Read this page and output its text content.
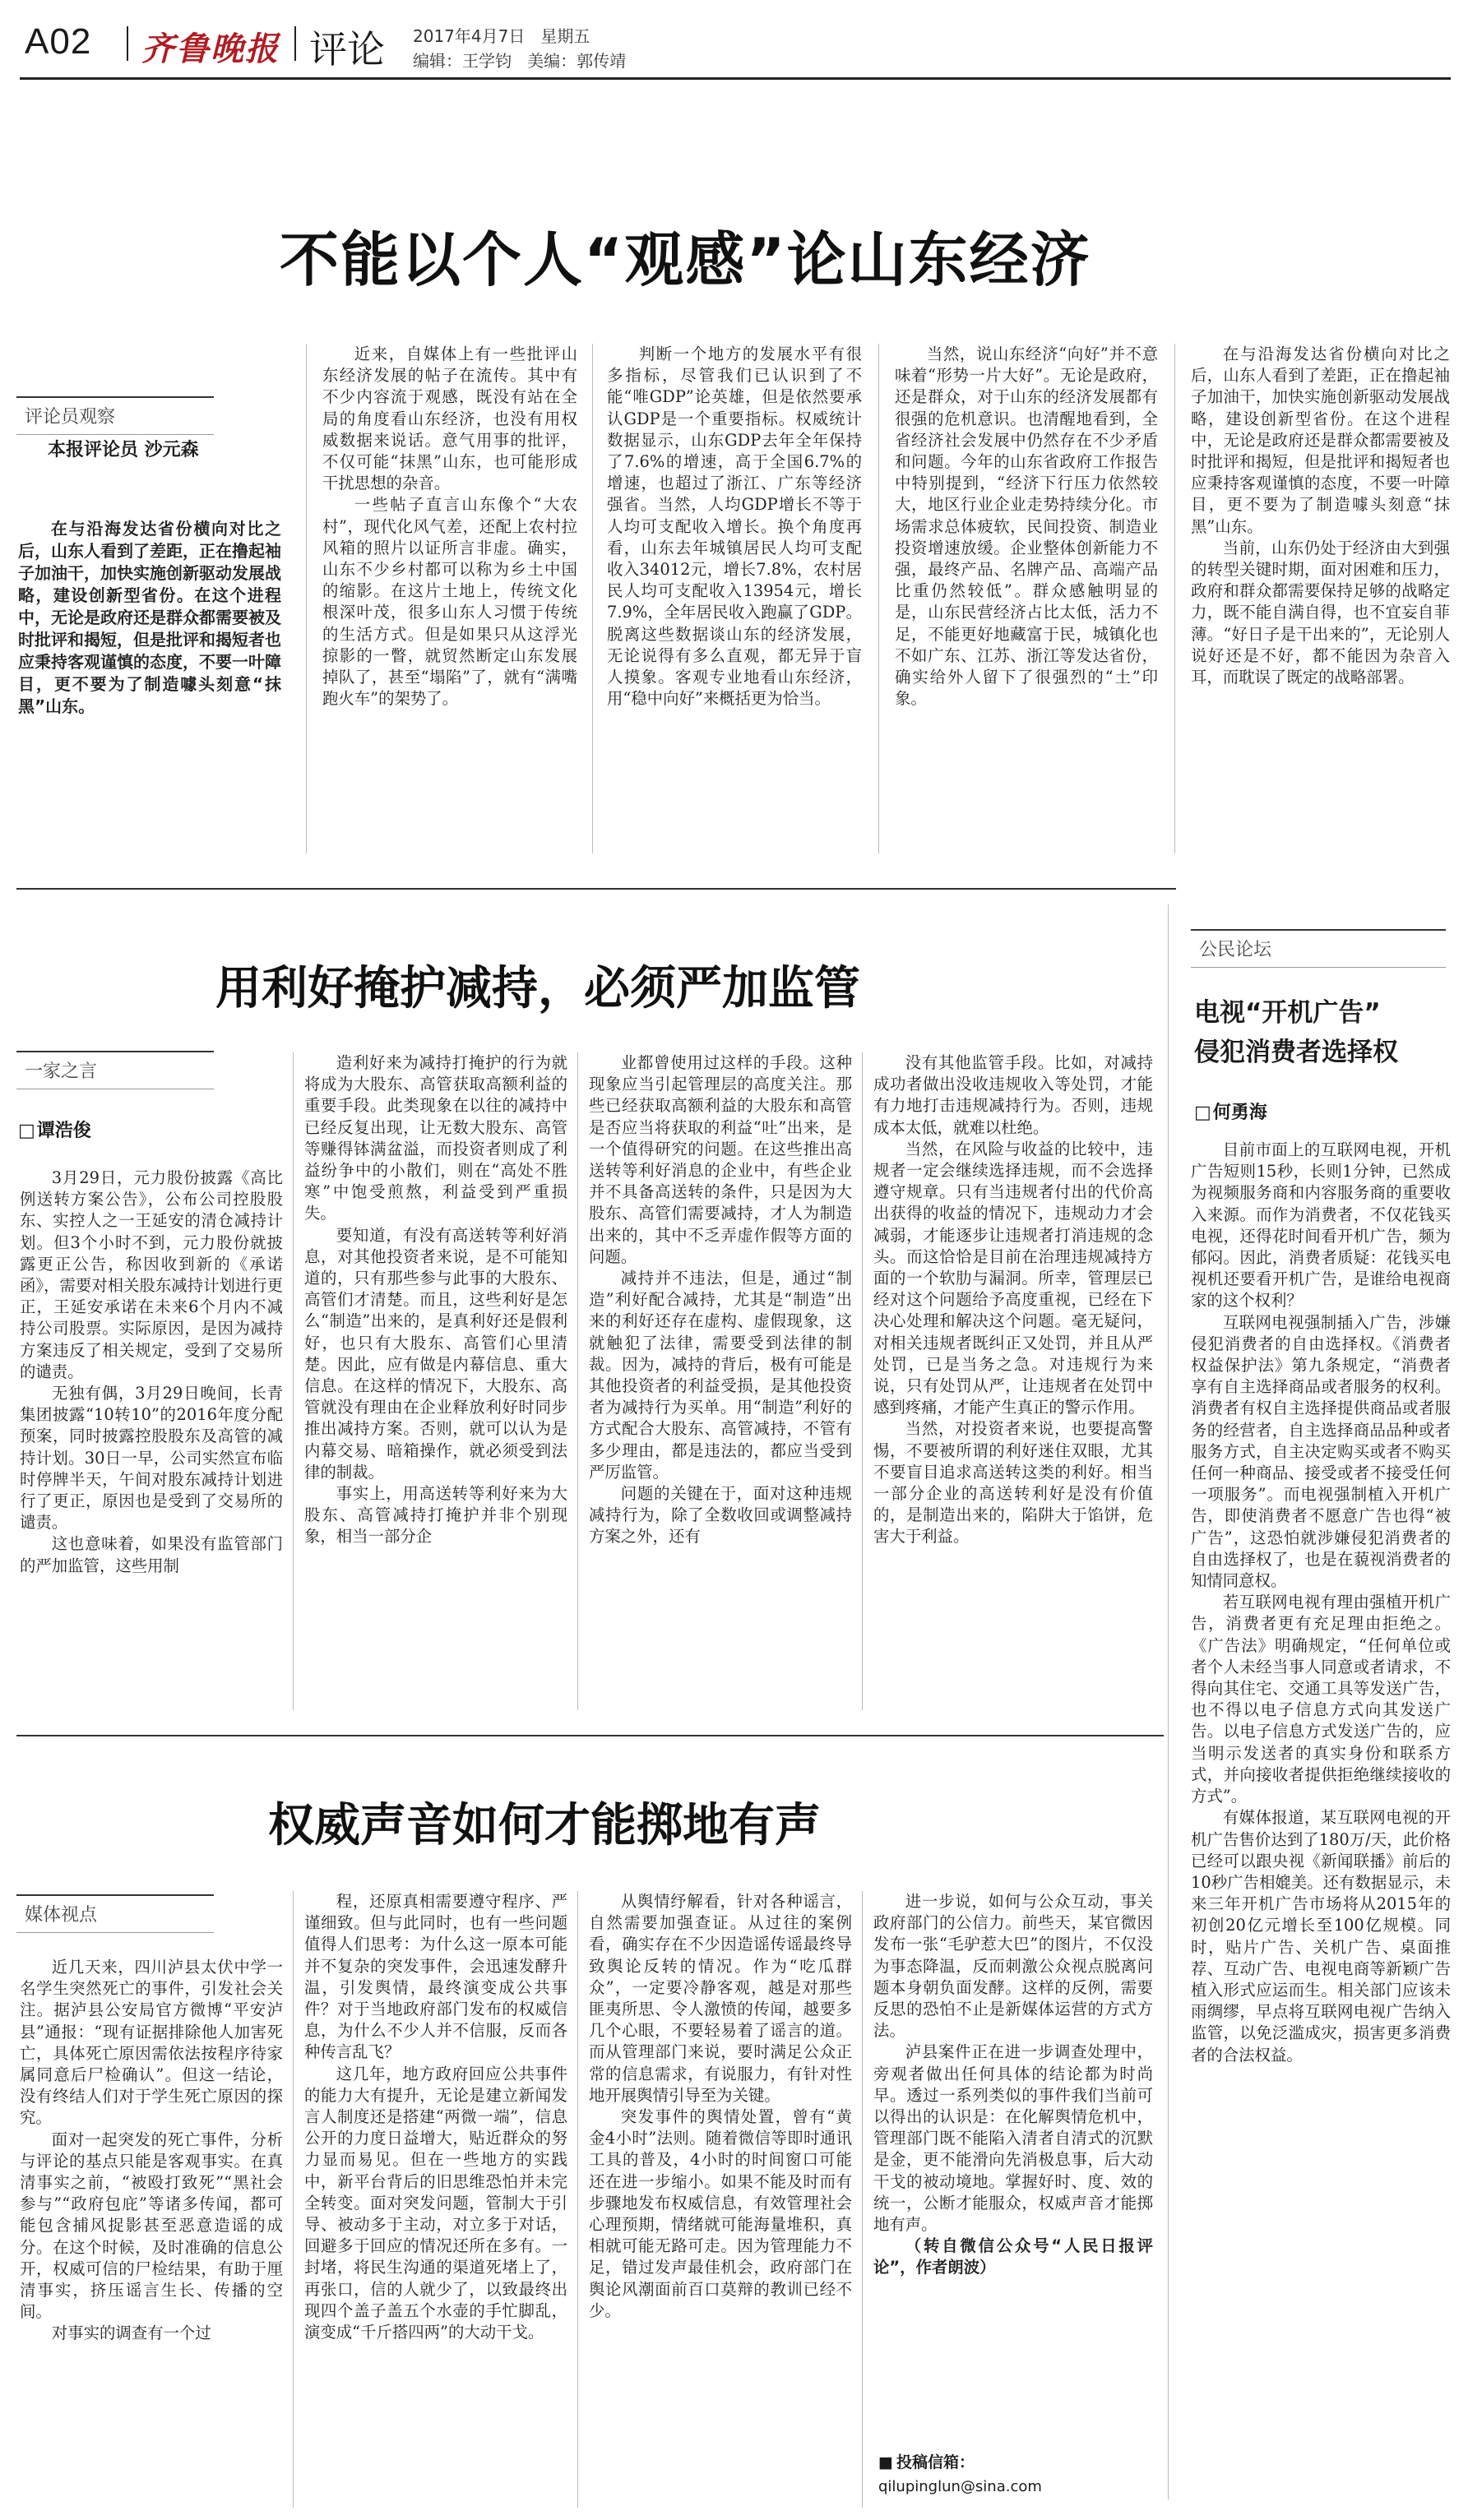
A02 齐鲁晚报 评论 2017年4月7日   星期五
编辑：王学钧   美编：郭传靖
不能以个人“观感”论山东经济
评论员观察
本报评论员 沙元森

在与沿海发达省份横向对比之后，山东人看到了差距，正在撸起袖子加油干，加快实施创新驱动发展战略，建设创新型省份。在这个进程中，无论是政府还是群众都需要被及时批评和揭短，但是批评和揭短者也应秉持客观谨慎的态度，不要一叶障目，更不要为了制造噱头刻意“抹黑”山东。

近来，自媒体上有一些批评山东经济发展的帖子在流传。其中有不少内容流于观感，既没有站在全局的角度看山东经济，也没有用权威数据来说话。意气用事的批评，不仅可能“抹黑”山东，也可能形成干扰思想的杂音。

一些帖子直言山东像个“大农村”，现代化风气差，还配上农村拉风箱的照片以证所言非虚。确实，山东不少乡村都可以称为乡土中国的缩影。在这片土地上，传统文化根深叶茂，很多山东人习惯于传统的生活方式。但是如果只从这浮光掠影的一瞥，就贸然断定山东发展掉队了，甚至“塌陷”了，就有“满嘴跑火车”的架势了。

判断一个地方的发展水平有很多指标，尽管我们已认识到了不能“唯GDP”论英雄，但是依然要承认GDP是一个重要指标。权威统计数据显示，山东GDP去年全年保持了7.6%的增速，高于全国6.7%的增速，也超过了浙江、广东等经济强省。当然，人均GDP增长不等于人均可支配收入增长。换个角度再看，山东去年城镇居民人均可支配收入34012元，增长7.8%，农村居民人均可支配收入13954元，增长7.9%，全年居民收入跑赢了GDP。脱离这些数据谈山东的经济发展，无论说得有多么直观，都无异于盲人摸象。客观专业地看山东经济，用“稳中向好”来概括更为恰当。

当然，说山东经济“向好”并不意味着“形势一片大好”。无论是政府，还是群众，对于山东的经济发展都有很强的危机意识。也清醒地看到，全省经济社会发展中仍然存在不少矛盾和问题。今年的山东省政府工作报告中特别提到，“经济下行压力依然较大，地区行业企业走势持续分化。市场需求总体疲软，民间投资、制造业投资增速放缓。企业整体创新能力不强，最终产品、名牌产品、高端产品比重仍然较低”。群众感触明显的是，山东民营经济占比太低，活力不足，不能更好地藏富于民，城镇化也不如广东、江苏、浙江等发达省份，确实给外人留下了很强烈的“土”印象。

在与沿海发达省份横向对比之后，山东人看到了差距，正在撸起袖子加油干，加快实施创新驱动发展战略，建设创新型省份。在这个进程中，无论是政府还是群众都需要被及时批评和揭短，但是批评和揭短者也应秉持客观谨慎的态度，不要一叶障目，更不要为了制造噱头刻意“抹黑”山东。

当前，山东仍处于经济由大到强的转型关键时期，面对困难和压力，政府和群众都需要保持足够的战略定力，既不能自满自得，也不宜妄自菲薄。“好日子是干出来的”，无论别人说好还是不好，都不能因为杂音入耳，而耽误了既定的战略部署。

用利好掩护减持，必须严加监管
一家之言
□ 谭浩俊

3月29日，元力股份披露《高比例送转方案公告》，公布公司控股股东、实控人之一王延安的清仓减持计划。但3个小时不到，元力股份就披露更正公告，称因收到新的《承诺函》，需要对相关股东减持计划进行更正，王延安承诺在未来6个月内不减持公司股票。实际原因，是因为减持方案违反了相关规定，受到了交易所的谴责。

无独有偶，3月29日晚间，长青集团披露“10转10”的2016年度分配预案，同时披露控股股东及高管的减持计划。30日一早，公司实然宣布临时停牌半天，午间对股东减持计划进行了更正，原因也是受到了交易所的谴责。

这也意味着，如果没有监管部门的严加监管，这些用制

造利好来为减持打掩护的行为就将成为大股东、高管获取高额利益的重要手段。此类现象在以往的减持中已经反复出现，让无数大股东、高管等赚得钵满盆溢，而投资者则成了利益纷争中的小散们，则在“高处不胜寒”中饱受煎熬，利益受到严重损失。

要知道，有没有高送转等利好消息，对其他投资者来说，是不可能知道的，只有那些参与此事的大股东、高管们才清楚。而且，这些利好是怎么“制造”出来的，是真利好还是假利好，也只有大股东、高管们心里清楚。因此，应有做是内幕信息、重大信息。在这样的情况下，大股东、高管就没有理由在企业释放利好时同步推出减持方案。否则，就可以认为是内幕交易、暗箱操作，就必须受到法律的制裁。

事实上，用高送转等利好来为大股东、高管减持打掩护并非个别现象，相当一部分企

业都曾使用过这样的手段。这种现象应当引起管理层的高度关注。那些已经获取高额利益的大股东和高管是否应当将获取的利益“吐”出来，是一个值得研究的问题。在这些推出高送转等利好消息的企业中，有些企业并不具备高送转的条件，只是因为大股东、高管们需要减持，才人为制造出来的，其中不乏弄虚作假等方面的问题。

减持并不违法，但是，通过“制造”利好配合减持，尤其是“制造”出来的利好还存在虚构、虚假现象，这就触犯了法律，需要受到法律的制裁。因为，减持的背后，极有可能是其他投资者的利益受损，是其他投资者为减持行为买单。用“制造”利好的方式配合大股东、高管减持，不管有多少理由，都是违法的，都应当受到严厉监管。

问题的关键在于，面对这种违规减持行为，除了全数收回或调整减持方案之外，还有

没有其他监管手段。比如，对减持成功者做出没收违规收入等处罚，才能有力地打击违规减持行为。否则，违规成本太低，就难以杜绝。

当然，在风险与收益的比较中，违规者一定会继续选择违规，而不会选择遵守规章。只有当违规者付出的代价高出获得的收益的情况下，违规动力才会减弱，才能逐步让违规者打消违规的念头。而这恰恰是目前在治理违规减持方面的一个软肋与漏洞。所幸，管理层已经对这个问题给予高度重视，已经在下决心处理和解决这个问题。毫无疑问，对相关违规者既纠正又处罚，并且从严处罚，已是当务之急。对违规行为来说，只有处罚从严，让违规者在处罚中感到疼痛，才能产生真正的警示作用。

当然，对投资者来说，也要提高警惕，不要被所谓的利好迷住双眼，尤其不要盲目追求高送转这类的利好。相当一部分企业的高送转利好是没有价值的，是制造出来的，陷阱大于馅饼，危害大于利益。

权威声音如何才能掷地有声
媒体视点

近几天来，四川泸县太伏中学一名学生突然死亡的事件，引发社会关注。据泸县公安局官方微博“平安泸县”通报：“现有证据排除他人加害死亡，具体死亡原因需依法按程序待家属同意后尸检确认”。但这一结论，没有终结人们对于学生死亡原因的探究。

面对一起突发的死亡事件，分析与评论的基点只能是客观事实。在真清事实之前，“被殴打致死”“黑社会参与”“政府包庇”等诸多传闻，都可能包含捕风捉影甚至恶意造谣的成分。在这个时候，及时准确的信息公开，权威可信的尸检结果，有助于厘清事实，挤压谣言生长、传播的空间。

对事实的调查有一个过

程，还原真相需要遵守程序、严谨细致。但与此同时，也有一些问题值得人们思考：为什么这一原本可能并不复杂的突发事件，会迅速发酵升温，引发舆情，最终演变成公共事件？对于当地政府部门发布的权威信息，为什么不少人并不信服，反而各种传言乱飞？

这几年，地方政府回应公共事件的能力大有提升，无论是建立新闻发言人制度还是搭建“两微一端”，信息公开的力度日益增大，贴近群众的努力显而易见。但在一些地方的实践中，新平台背后的旧思维恐怕并未完全转变。面对突发问题，管制大于引导、被动多于主动，对立多于对话，回避多于回应的情况还所在多有。一封堵，将民生沟通的渠道死堵上了，再张口，信的人就少了，以致最终出现四个盖子盖五个水壶的手忙脚乱，演变成“千斤搭四两”的大动干戈。

从舆情纾解看，针对各种谣言，自然需要加强查证。从过往的案例看，确实存在不少因造谣传谣最终导致舆论反转的情况。作为“吃瓜群众”，一定要冷静客观，越是对那些匪夷所思、令人激愤的传闻，越要多几个心眼，不要轻易着了谣言的道。而从管理部门来说，要时满足公众正常的信息需求，有说服力，有针对性地开展舆情引导至为关键。

突发事件的舆情处置，曾有“黄金4小时”法则。随着微信等即时通讯工具的普及，4小时的时间窗口可能还在进一步缩小。如果不能及时而有步骤地发布权威信息，有效管理社会心理预期，情绪就可能海量堆积，真相就可能无路可走。因为管理能力不足，错过发声最佳机会，政府部门在舆论风潮面前百口莫辩的教训已经不少。

进一步说，如何与公众互动，事关政府部门的公信力。前些天，某官微因发布一张“毛驴惹大巴”的图片，不仅没为事态降温，反而刺激公众视点脱离问题本身朝负面发酵。这样的反例，需要反思的恐怕不止是新媒体运营的方式方法。

泸县案件正在进一步调查处理中，旁观者做出任何具体的结论都为时尚早。透过一系列类似的事件我们当前可以得出的认识是：在化解舆情危机中，管理部门既不能陷入清者自清式的沉默是金，更不能滑向先消极息事，后大动干戈的被动境地。掌握好时、度、效的统一，公断才能服众，权威声音才能掷地有声。

（转自微信公众号“人民日报评论”，作者朗波）

■ 投稿信箱：
qilupinglun@sina.com
公民论坛
电视“开机广告”
侵犯消费者选择权
□ 何勇海

目前市面上的互联网电视，开机广告短则15秒，长则1分钟，已然成为视频服务商和内容服务商的重要收入来源。而作为消费者，不仅花钱买电视，还得花时间看开机广告，频为郁闷。因此，消费者质疑：花钱买电视机还要看开机广告，是谁给电视商家的这个权利？

互联网电视强制插入广告，涉嫌侵犯消费者的自由选择权。《消费者权益保护法》第九条规定，“消费者享有自主选择商品或者服务的权利。消费者有权自主选择提供商品或者服务的经营者，自主选择商品品种或者服务方式，自主决定购买或者不购买任何一种商品、接受或者不接受任何一项服务”。而电视强制植入开机广告，即使消费者不愿意广告也得“被广告”，这恐怕就涉嫌侵犯消费者的自由选择权了，也是在藐视消费者的知情同意权。

若互联网电视有理由强植开机广告，消费者更有充足理由拒绝之。《广告法》明确规定，“任何单位或者个人未经当事人同意或者请求，不得向其住宅、交通工具等发送广告，也不得以电子信息方式向其发送广告。以电子信息方式发送广告的，应当明示发送者的真实身份和联系方式，并向接收者提供拒绝继续接收的方式”。

有媒体报道，某互联网电视的开机广告售价达到了180万/天，此价格已经可以跟央视《新闻联播》前后的10秒广告相媲美。还有数据显示，未来三年开机广告市场将从2015年的初创20亿元增长至100亿规模。同时，贴片广告、关机广告、桌面推荐、互动广告、电视电商等新颖广告植入形式应运而生。相关部门应该未雨绸缪，早点将互联网电视广告纳入监管，以免泛滥成灾，损害更多消费者的合法权益。
